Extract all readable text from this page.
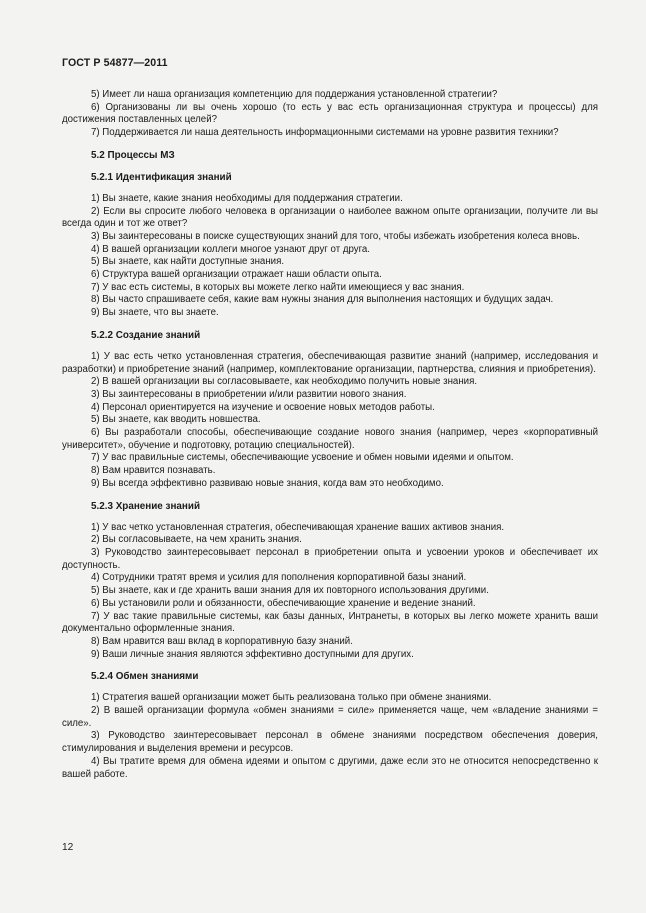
ГОСТ Р 54877—2011

5) Имеет ли наша организация компетенцию для поддержания установленной стратегии?

6) Организованы ли вы очень хорошо (то есть у вас есть организационная структура и процессы) для достижения поставленных целей?

7) Поддерживается ли наша деятельность информационными системами на уровне развития техники?

5.2 Процессы МЗ
5.2.1 Идентификация знаний

1) Вы знаете, какие знания необходимы для поддержания стратегии.

2) Если вы спросите любого человека в организации о наиболее важном опыте организации, получите ли вы всегда один и тот же ответ?

3) Вы заинтересованы в поиске существующих знаний для того, чтобы избежать изобретения колеса вновь.

4) В вашей организации коллеги многое узнают друг от друга.

5) Вы знаете, как найти доступные знания.

6) Структура вашей организации отражает наши области опыта.

7) У вас есть системы, в которых вы можете легко найти имеющиеся у вас знания.

8) Вы часто спрашиваете себя, какие вам нужны знания для выполнения настоящих и будущих задач.

9) Вы знаете, что вы знаете.

5.2.2 Создание знаний

1) У вас есть четко установленная стратегия, обеспечивающая развитие знаний (например, исследования и разработки) и приобретение знаний (например, комплектование организации, партнерства, слияния и приобретения).

2) В вашей организации вы согласовываете, как необходимо получить новые знания.

3) Вы заинтересованы в приобретении и/или развитии нового знания.

4) Персонал ориентируется на изучение и освоение новых методов работы.

5) Вы знаете, как вводить новшества.

6) Вы разработали способы, обеспечивающие создание нового знания (например, через «корпоративный университет», обучение и подготовку, ротацию специальностей).

7) У вас правильные системы, обеспечивающие усвоение и обмен новыми идеями и опытом.

8) Вам нравится познавать.

9) Вы всегда эффективно развиваю новые знания, когда вам это необходимо.

5.2.3 Хранение знаний

1) У вас четко установленная стратегия, обеспечивающая хранение ваших активов знания.

2) Вы согласовываете, на чем хранить знания.

3) Руководство заинтересовывает персонал в приобретении опыта и усвоении уроков и обеспечивает их доступность.

4) Сотрудники тратят время и усилия для пополнения корпоративной базы знаний.

5) Вы знаете, как и где хранить ваши знания для их повторного использования другими.

6) Вы установили роли и обязанности, обеспечивающие хранение и ведение знаний.

7) У вас такие правильные системы, как базы данных, Интранеты, в которых вы легко можете хранить ваши документально оформленные знания.

8) Вам нравится ваш вклад в корпоративную базу знаний.

9) Ваши личные знания являются эффективно доступными для других.

5.2.4 Обмен знаниями

1) Стратегия вашей организации может быть реализована только при обмене знаниями.

2) В вашей организации формула «обмен знаниями = силе» применяется чаще, чем «владение знаниями = силе».

3) Руководство заинтересовывает персонал в обмене знаниями посредством обеспечения доверия, стимулирования и выделения времени и ресурсов.

4) Вы тратите время для обмена идеями и опытом с другими, даже если это не относится непосредственно к вашей работе.

12
